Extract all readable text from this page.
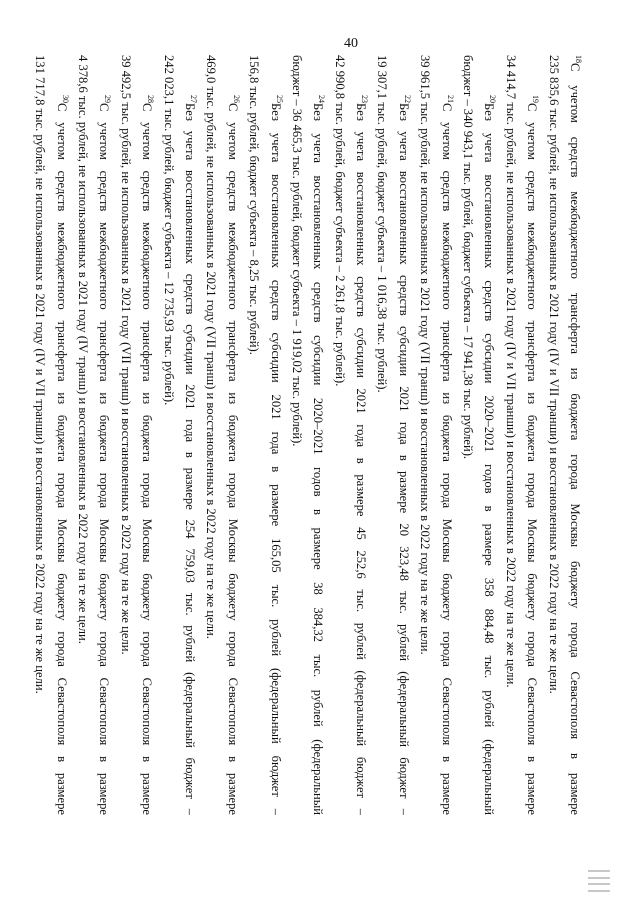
40
$^{18}$С учетом средств межбюджетного трансферта из бюджета города Москвы бюджету города Севастополя в размере
235 835,6 тыс. рублей, не использованных в 2021 году (IV и VII транши) и восстановленных в 2022 году на те же цели.
$^{19}$С учетом средств межбюджетного трансферта из бюджета города Москвы бюджету города Севастополя в размере
34 414,7 тыс. рублей, не использованных в 2021 году (IV и VII транши) и восстановленных в 2022 году на те же цели.
$^{20}$Без учета восстановленных средств субсидии 2020–2021 годов в размере 358 884,48 тыс. рублей (федеральный
бюджет – 340 943,1 тыс. рублей, бюджет субъекта – 17 941,38 тыс. рублей).
$^{21}$С учетом средств межбюджетного трансферта из бюджета города Москвы бюджету города Севастополя в размере
39 961,5 тыс. рублей, не использованных в 2021 году (VII транш) и восстановленных в 2022 году на те же цели.
$^{22}$Без учета восстановленных средств субсидии 2021 года в размере 20 323,48 тыс. рублей (федеральный бюджет –
19 307,1 тыс. рублей, бюджет субъекта – 1 016,38 тыс. рублей).
$^{23}$Без учета восстановленных средств субсидии 2021 года в размере 45 252,6 тыс. рублей (федеральный бюджет –
42 990,8 тыс. рублей, бюджет субъекта – 2 261,8 тыс. рублей).
$^{24}$Без учета восстановленных средств субсидии 2020–2021 годов в размере 38 384,32 тыс. рублей (федеральный
бюджет – 36 465,3 тыс. рублей, бюджет субъекта – 1 919,02 тыс. рублей).
$^{25}$Без учета восстановленных средств субсидии 2021 года в размере 165,05 тыс. рублей (федеральный бюджет –
156,8 тыс. рублей, бюджет субъекта – 8,25 тыс. рублей).
$^{26}$С учетом средств межбюджетного трансферта из бюджета города Москвы бюджету города Севастополя в размере
469,0 тыс. рублей, не использованных в 2021 году (VII транш) и восстановленных в 2022 году на те же цели.
$^{27}$Без учета восстановленных средств субсидии 2021 года в размере 254 759,03 тыс. рублей (федеральный бюджет –
242 023,1 тыс. рублей, бюджет субъекта – 12 735,93 тыс. рублей).
$^{28}$С учетом средств межбюджетного трансферта из бюджета города Москвы бюджету города Севастополя в размере
39 492,5 тыс. рублей, не использованных в 2021 году (VII транш) и восстановленных в 2022 году на те же цели.
$^{29}$С учетом средств межбюджетного трансферта из бюджета города Москвы бюджету города Севастополя в размере
4 378,6 тыс. рублей, не использованных в 2021 году (IV транш) и восстановленных в 2022 году на те же цели.
$^{30}$С учетом средств межбюджетного трансферта из бюджета города Москвы бюджету города Севастополя в размере
131 717,8 тыс. рублей, не использованных в 2021 году (IV и VII транши) и восстановленных в 2022 году на те же цели.
